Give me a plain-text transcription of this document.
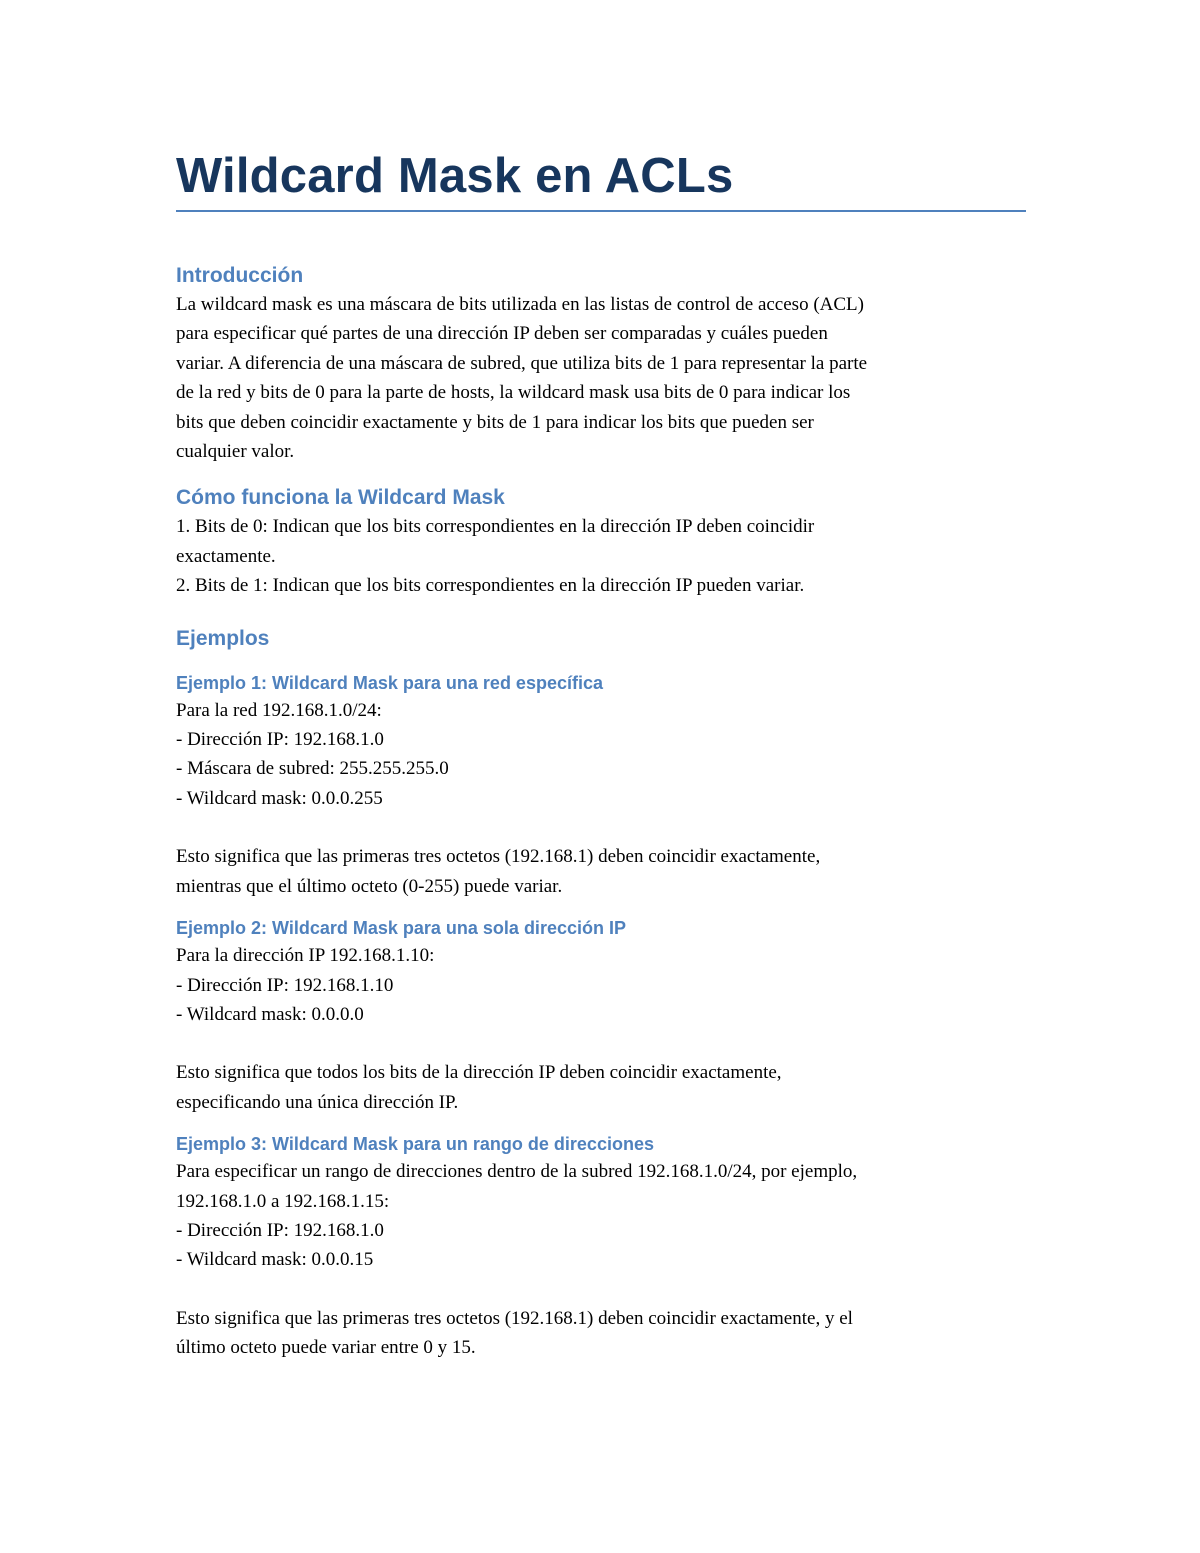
Wildcard Mask en ACLs
Introducción

La wildcard mask es una máscara de bits utilizada en las listas de control de acceso (ACL)
para especificar qué partes de una dirección IP deben ser comparadas y cuáles pueden
variar. A diferencia de una máscara de subred, que utiliza bits de 1 para representar la parte
de la red y bits de 0 para la parte de hosts, la wildcard mask usa bits de 0 para indicar los
bits que deben coincidir exactamente y bits de 1 para indicar los bits que pueden ser
cualquier valor.

Cómo funciona la Wildcard Mask

1. Bits de 0: Indican que los bits correspondientes en la dirección IP deben coincidir
exactamente.
2. Bits de 1: Indican que los bits correspondientes en la dirección IP pueden variar.

Ejemplos
Ejemplo 1: Wildcard Mask para una red específica

Para la red 192.168.1.0/24:
- Dirección IP: 192.168.1.0
- Máscara de subred: 255.255.255.0
- Wildcard mask: 0.0.0.255

Esto significa que las primeras tres octetos (192.168.1) deben coincidir exactamente,
mientras que el último octeto (0-255) puede variar.

Ejemplo 2: Wildcard Mask para una sola dirección IP

Para la dirección IP 192.168.1.10:
- Dirección IP: 192.168.1.10
- Wildcard mask: 0.0.0.0

Esto significa que todos los bits de la dirección IP deben coincidir exactamente,
especificando una única dirección IP.

Ejemplo 3: Wildcard Mask para un rango de direcciones

Para especificar un rango de direcciones dentro de la subred 192.168.1.0/24, por ejemplo,
192.168.1.0 a 192.168.1.15:
- Dirección IP: 192.168.1.0
- Wildcard mask: 0.0.0.15

Esto significa que las primeras tres octetos (192.168.1) deben coincidir exactamente, y el
último octeto puede variar entre 0 y 15.
